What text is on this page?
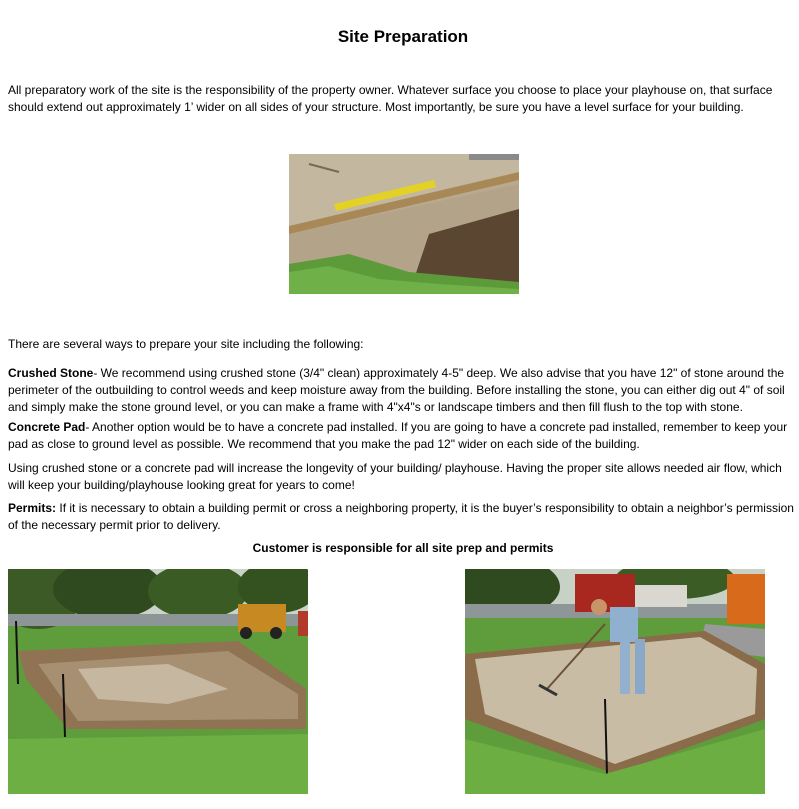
Site Preparation
All preparatory work of the site is the responsibility of the property owner. Whatever surface you choose to place your playhouse on, that surface should extend out approximately 1’ wider on all sides of your structure. Most importantly, be sure you have a level surface for your building.
There are several ways to prepare your site including the following:
Crushed Stone- We recommend using crushed stone (3/4" clean) approximately 4-5" deep. We also advise that you have 12" of stone around the perimeter of the outbuilding to control weeds and keep moisture away from the building. Before installing the stone, you can either dig out 4" of soil and simply make the stone ground level, or you can make a frame with 4"x4"s or landscape timbers and then fill flush to the top with stone.
Concrete Pad- Another option would be to have a concrete pad installed. If you are going to have a concrete pad installed, remember to keep your pad as close to ground level as possible. We recommend that you make the pad 12" wider on each side of the building.
Using crushed stone or a concrete pad will increase the longevity of your building/ playhouse. Having the proper site allows needed air flow, which will keep your building/playhouse looking great for years to come!
Permits: If it is necessary to obtain a building permit or cross a neighboring property, it is the buyer’s responsibility to obtain a neighbor’s permission of the necessary permit prior to delivery.
Customer is responsible for all site prep and permits
